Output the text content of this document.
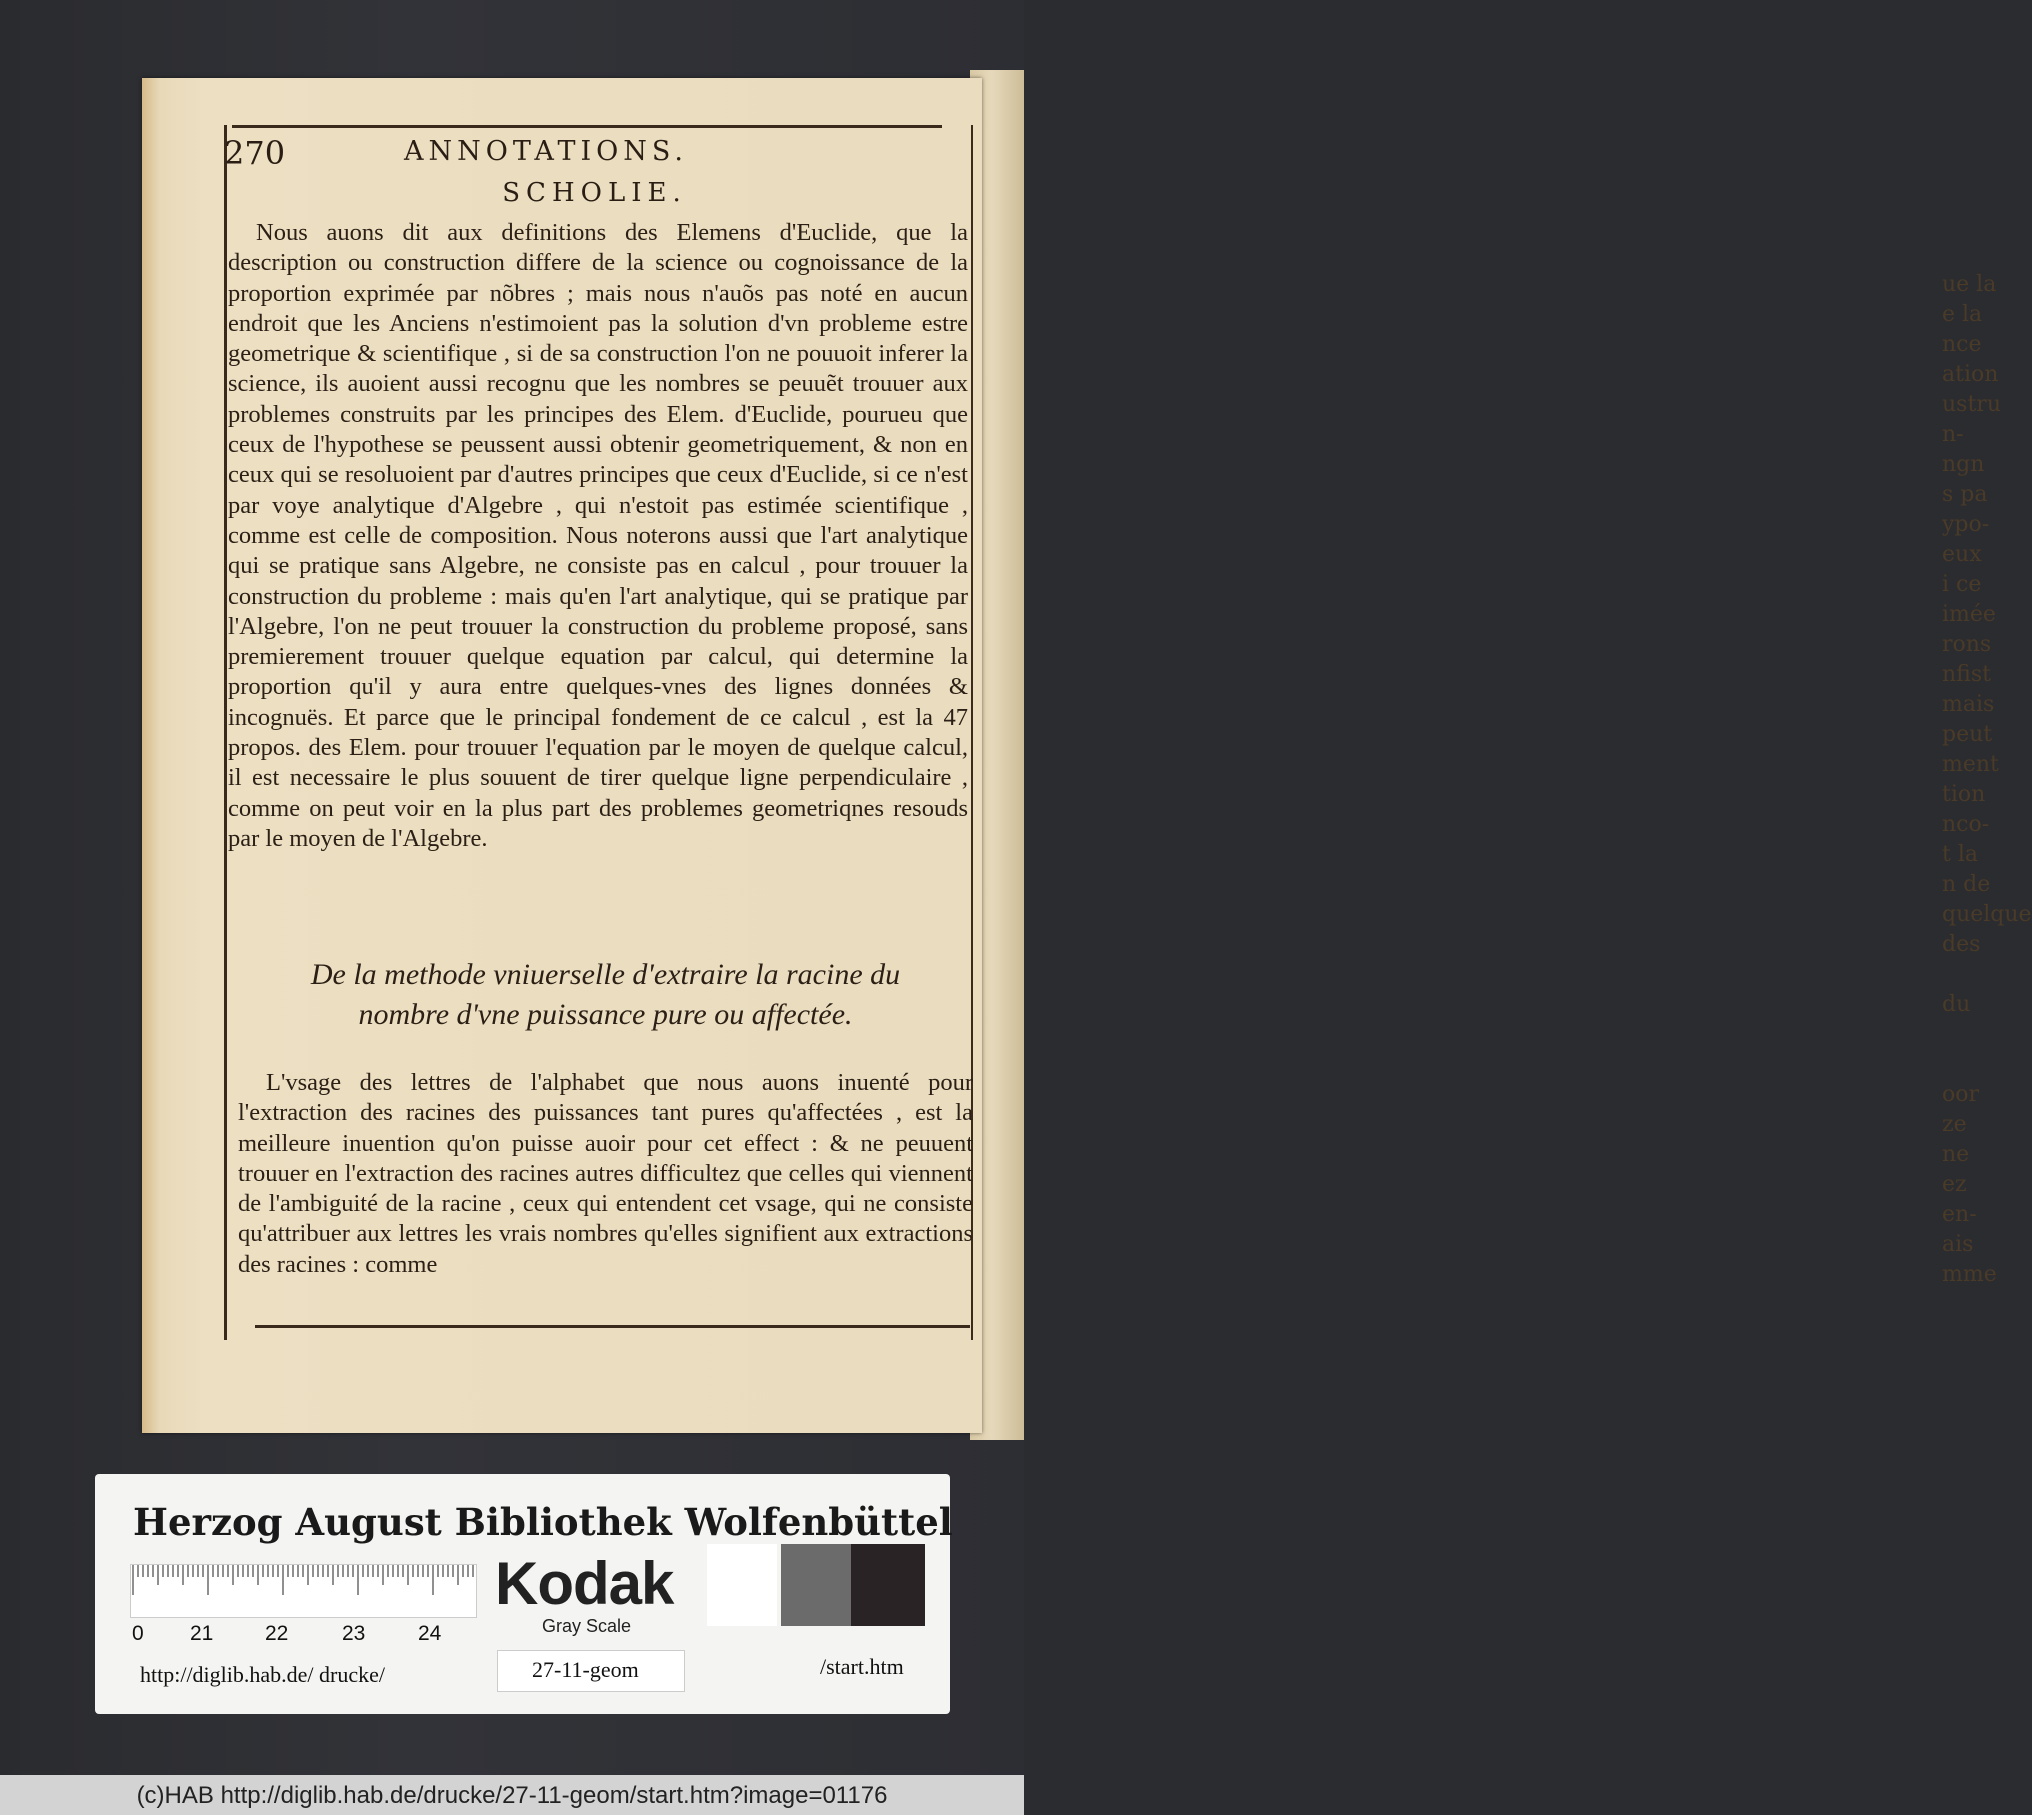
ue la
e la
nce
ation
ustru
n-
ngn
s pa
ypo-
eux
i ce
imée
rons
nfist
mais
peut
ment
tion
nco-
t la
n de
quelque
des

du

oor
ze
ne
ez
en-
ais
mme
270	ANNOTATIONS.
SCHOLIE.

Nous auons dit aux definitions des Elemens d'Euclide, que la description ou construction differe de la science ou cognoissance de la proportion exprimée par nõbres ; mais nous n'auõs pas noté en aucun endroit que les Anciens n'estimoient pas la solution d'vn probleme estre geometrique & scientifique , si de sa construction l'on ne pouuoit inferer la science, ils auoient aussi recognu que les nombres se peuuẽt trouuer aux problemes construits par les principes des Elem. d'Euclide, pourueu que ceux de l'hypothese se peussent aussi obtenir geometriquement, & non en ceux qui se resoluoient par d'autres principes que ceux d'Euclide, si ce n'est par voye analytique d'Algebre , qui n'estoit pas estimée scientifique , comme est celle de composition. Nous noterons aussi que l'art analytique qui se pratique sans Algebre, ne consiste pas en calcul , pour trouuer la construction du probleme : mais qu'en l'art analytique, qui se pratique par l'Algebre, l'on ne peut trouuer la construction du probleme proposé, sans premierement trouuer quelque equation par calcul, qui determine la proportion qu'il y aura entre quelques-vnes des lignes données & incognuës. Et parce que le principal fondement de ce calcul , est la 47 propos. des Elem. pour trouuer l'equation par le moyen de quelque calcul, il est necessaire le plus souuent de tirer quelque ligne perpendiculaire , comme on peut voir en la plus part des problemes geometriqnes resouds par le moyen de l'Algebre.

De la methode vniuerselle d'extraire la racine du
nombre d'vne puissance pure ou affectée.

L'vsage des lettres de l'alphabet que nous auons inuenté pour l'extraction des racines des puissances tant pures qu'affectées , est la meilleure inuention qu'on puisse auoir pour cet effect : & ne peuuent trouuer en l'extraction des racines autres difficultez que celles qui viennent de l'ambiguité de la racine , ceux qui entendent cet vsage, qui ne consiste qu'attribuer aux lettres les vrais nombres qu'elles signifient aux extractions des racines : comme

Herzog August Bibliothek Wolfenbüttel
0 21 22	23	24
Kodak
Gray Scale
http://diglib.hab.de/ drucke/	27-11-geom	/start.htm
(c)HAB http://diglib.hab.de/drucke/27-11-geom/start.htm?image=01176
